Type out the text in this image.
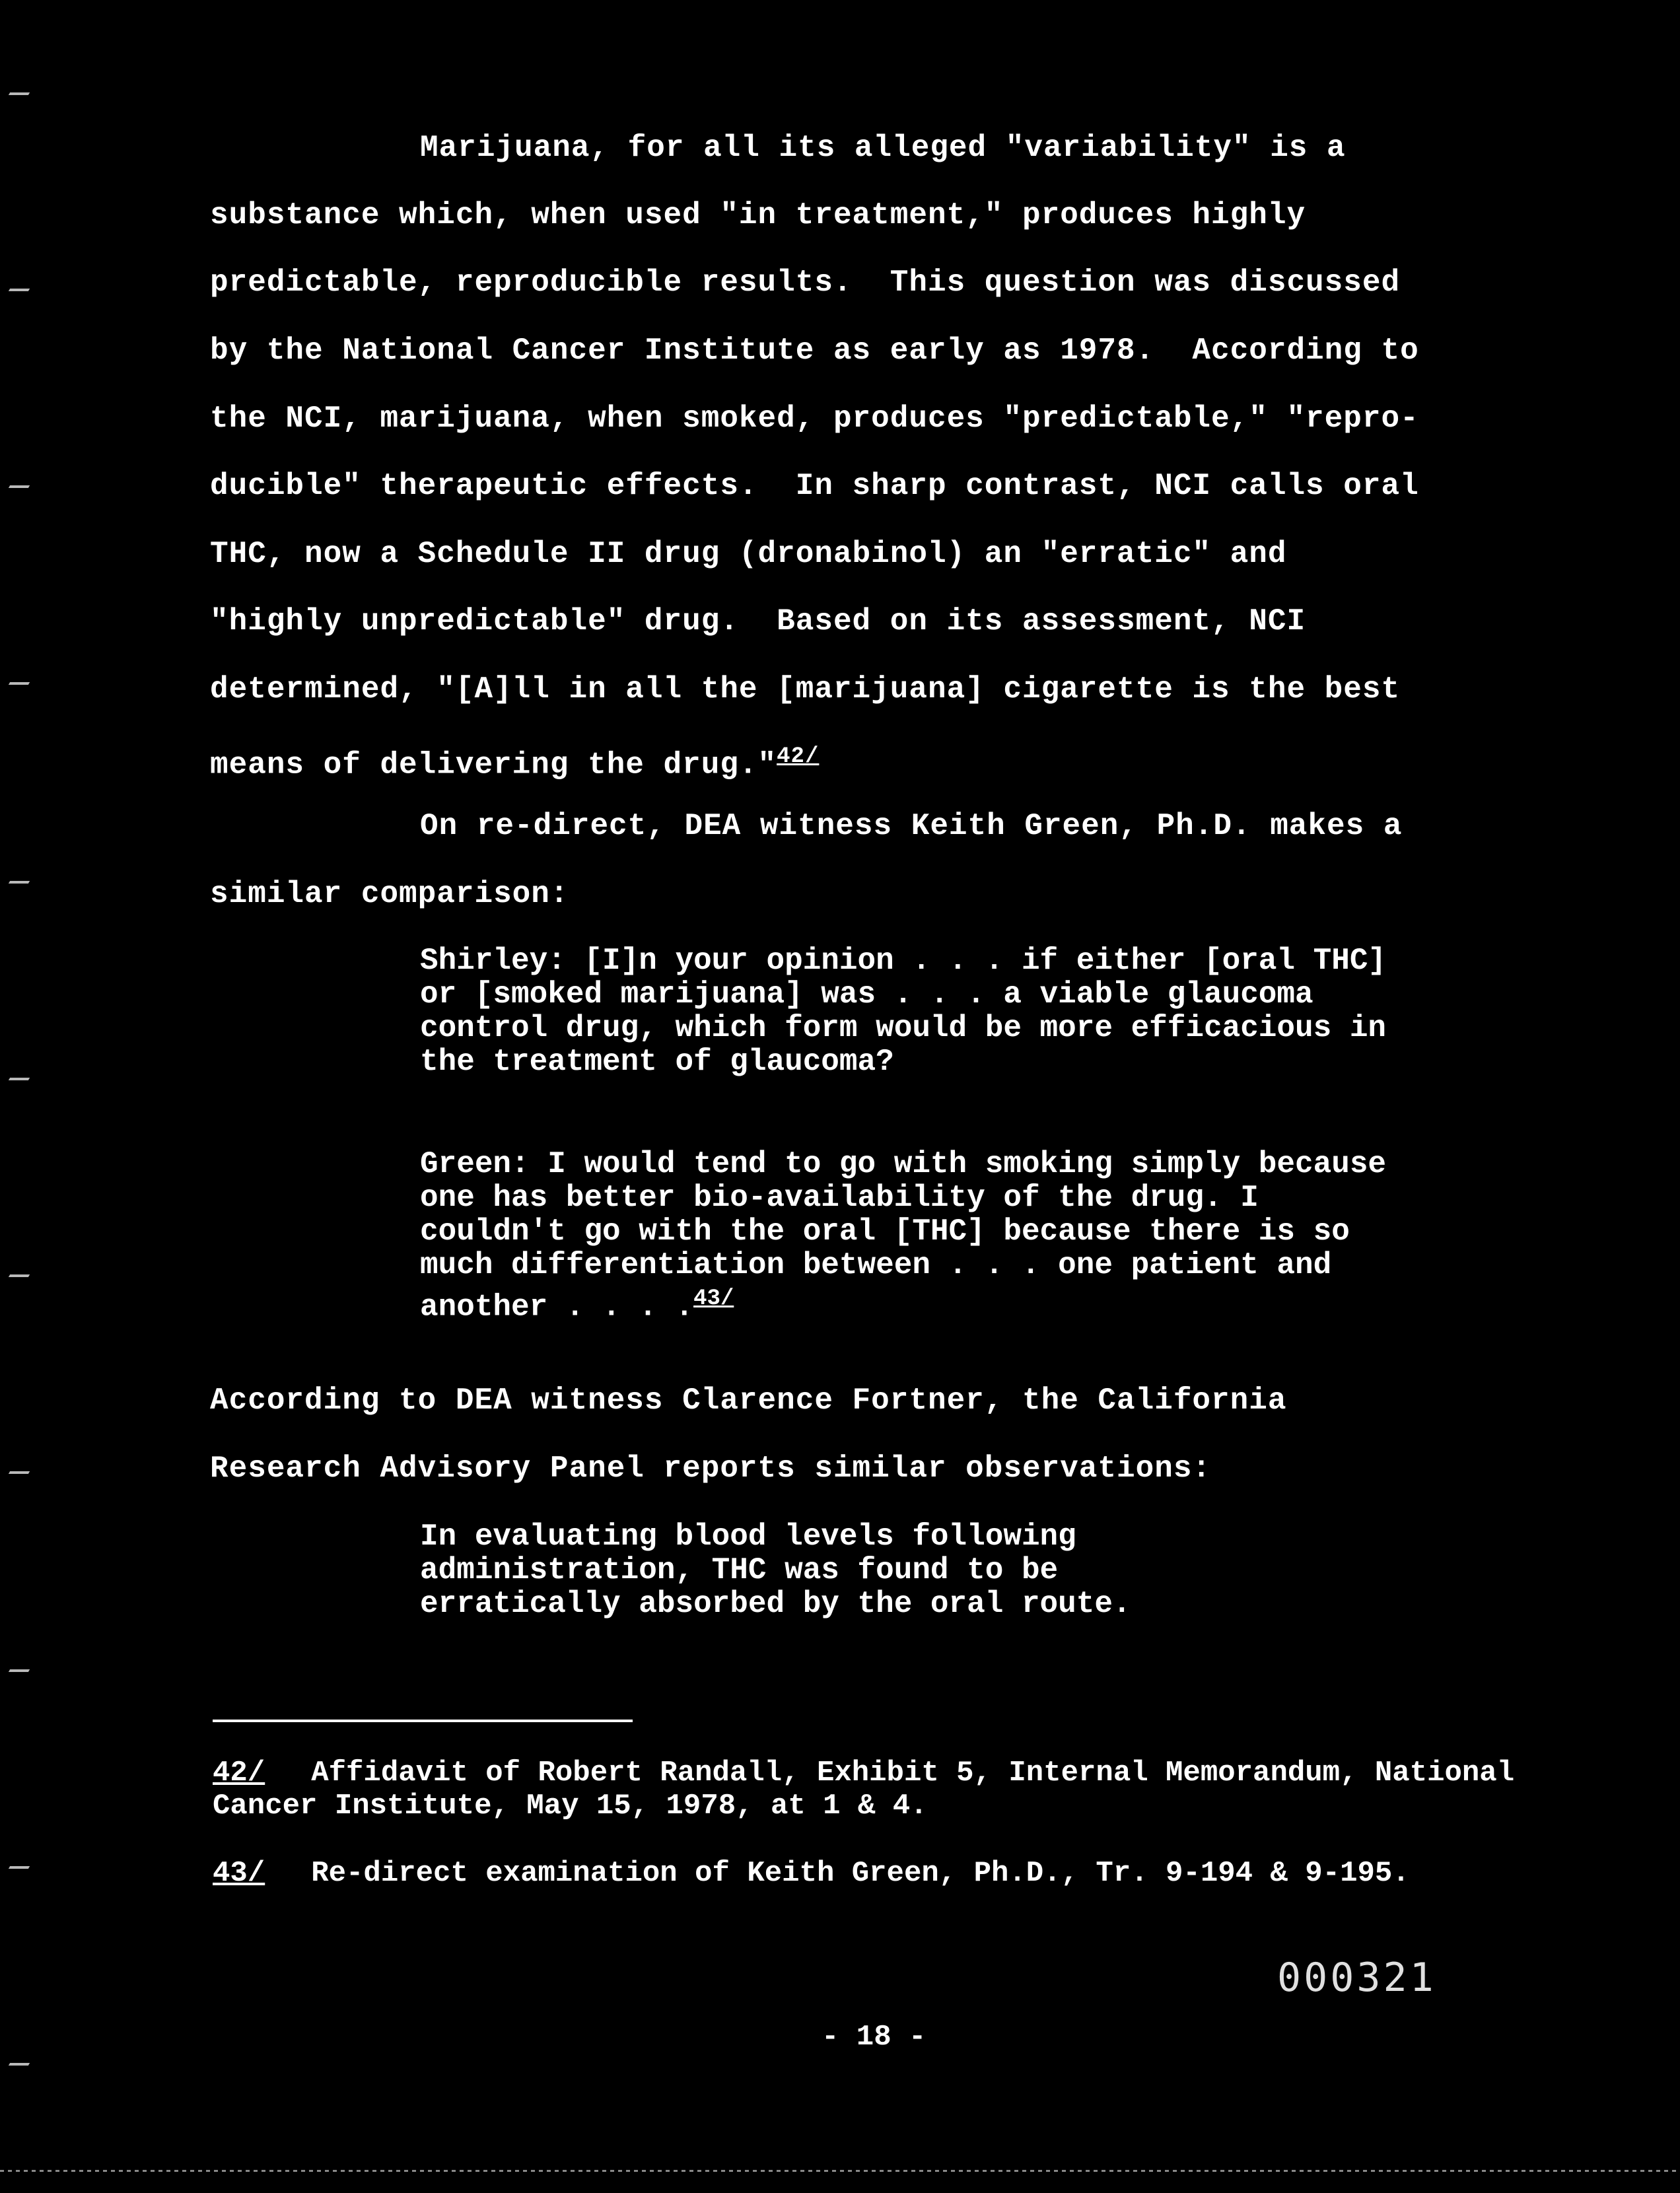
Marijuana, for all its alleged "variability" is a
substance which, when used "in treatment," produces highly
predictable, reproducible results.  This question was discussed
by the National Cancer Institute as early as 1978.  According to
the NCI, marijuana, when smoked, produces "predictable," "repro-
ducible" therapeutic effects.  In sharp contrast, NCI calls oral
THC, now a Schedule II drug (dronabinol) an "erratic" and
"highly unpredictable" drug.  Based on its assessment, NCI
determined, "[A]ll in all the [marijuana] cigarette is the best
means of delivering the drug."$^{42/}$
On re-direct, DEA witness Keith Green, Ph.D. makes a
similar comparison:
Shirley: [I]n your opinion . . . if either [oral THC] or [smoked marijuana] was . . . a viable glaucoma control drug, which form would be more efficacious in the treatment of glaucoma?
Green: I would tend to go with smoking simply because one has better bio-availability of the drug. I couldn't go with the oral [THC] because there is so much differentiation between . . . one patient and another . . . .$^{43/}$
According to DEA witness Clarence Fortner, the California
Research Advisory Panel reports similar observations:
In evaluating blood levels following administration, THC was found to be erratically absorbed by the oral route.
42/ Affidavit of Robert Randall, Exhibit 5, Internal Memorandum, National Cancer Institute, May 15, 1978, at 1 & 4.
43/ Re-direct examination of Keith Green, Ph.D., Tr. 9-194 & 9-195.
000321
- 18 -
